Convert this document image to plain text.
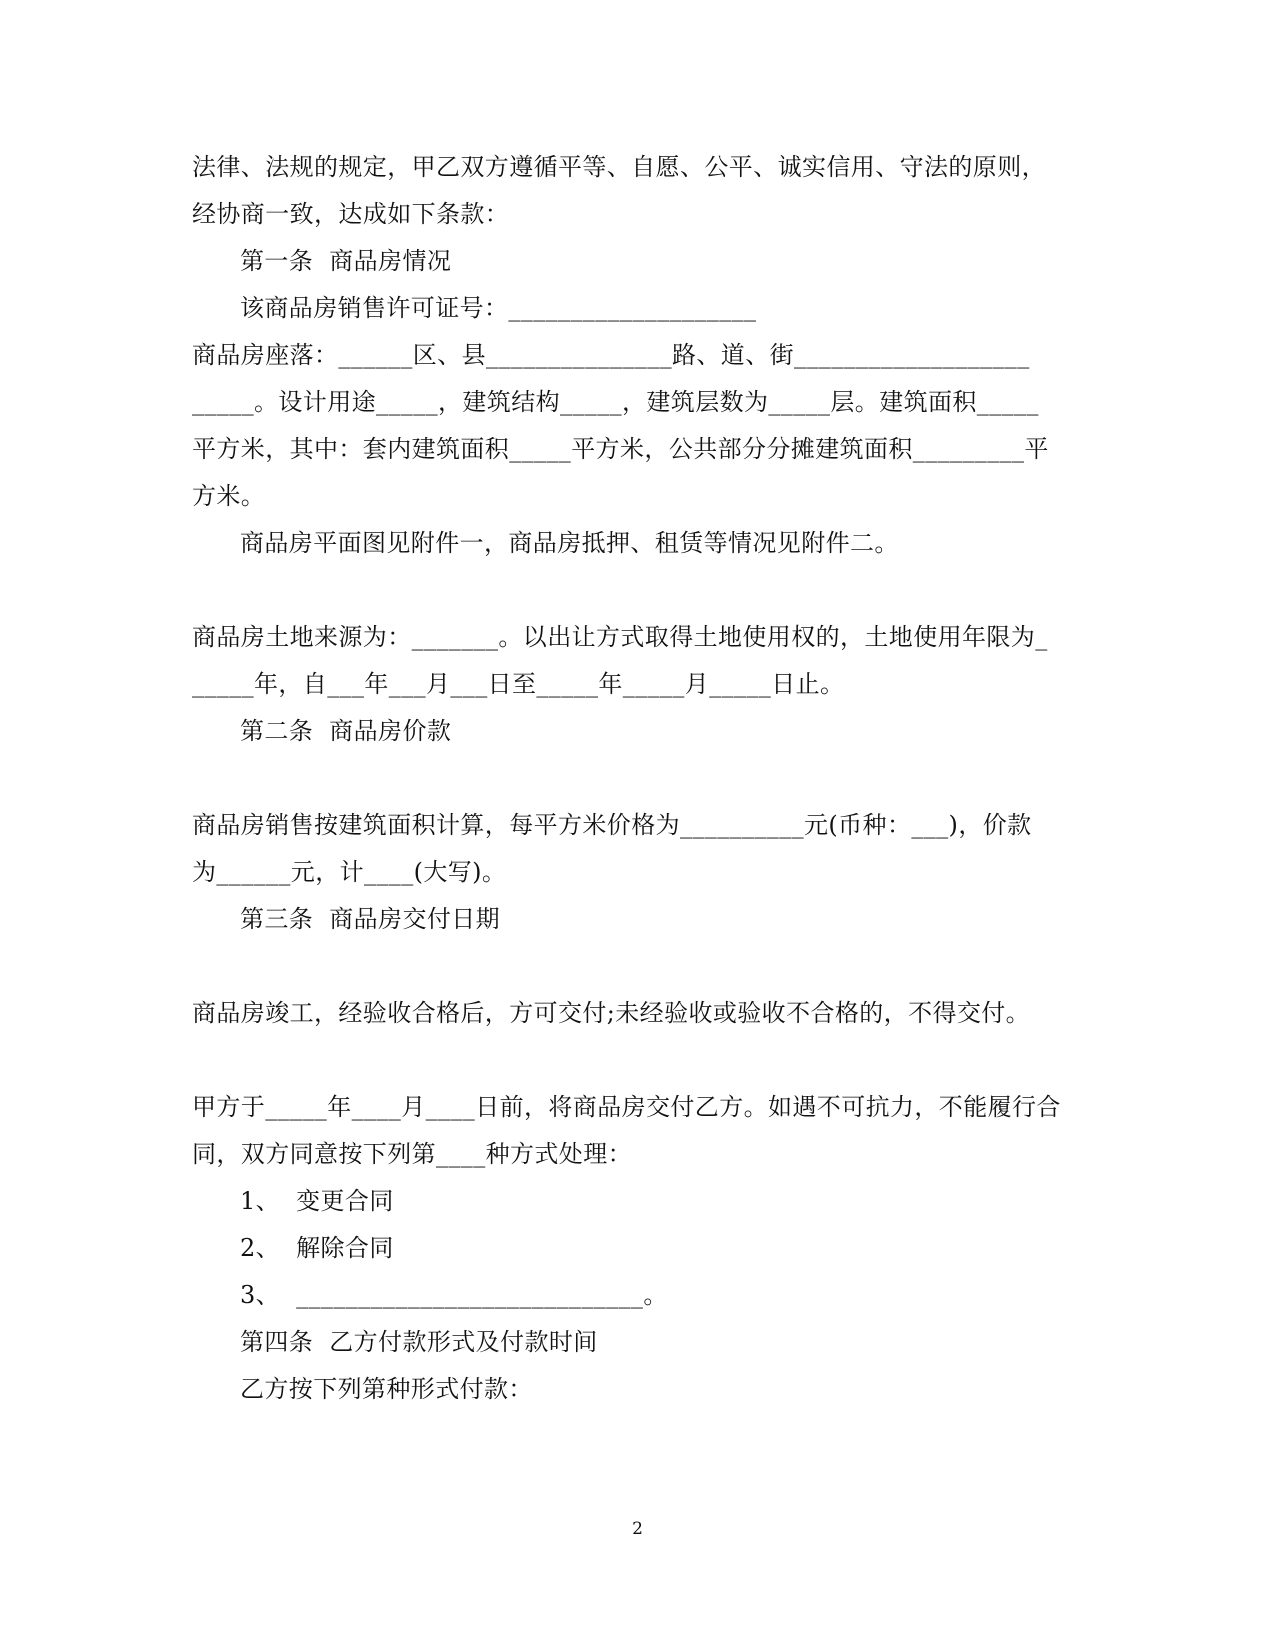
法律、法规的规定，甲乙双方遵循平等、自愿、公平、诚实信用、守法的原则，
经协商一致，达成如下条款：
第一条  商品房情况
该商品房销售许可证号：____________________
商品房座落：______区、县_______________路、道、街___________________
_____。设计用途_____，建筑结构_____，建筑层数为_____层。建筑面积_____
平方米，其中：套内建筑面积_____平方米，公共部分分摊建筑面积_________平
方米。
商品房平面图见附件一，商品房抵押、租赁等情况见附件二。
商品房土地来源为：_______。以出让方式取得土地使用权的，土地使用年限为_
_____年，自___年___月___日至_____年_____月_____日止。
第二条  商品房价款
商品房销售按建筑面积计算，每平方米价格为__________元(币种：___)，价款
为______元，计____(大写)。
第三条  商品房交付日期
商品房竣工，经验收合格后，方可交付;未经验收或验收不合格的，不得交付。
甲方于_____年____月____日前，将商品房交付乙方。如遇不可抗力，不能履行合
同，双方同意按下列第____种方式处理：
1、  变更合同
2、  解除合同
3、  ____________________________。
第四条  乙方付款形式及付款时间
乙方按下列第种形式付款：
2
